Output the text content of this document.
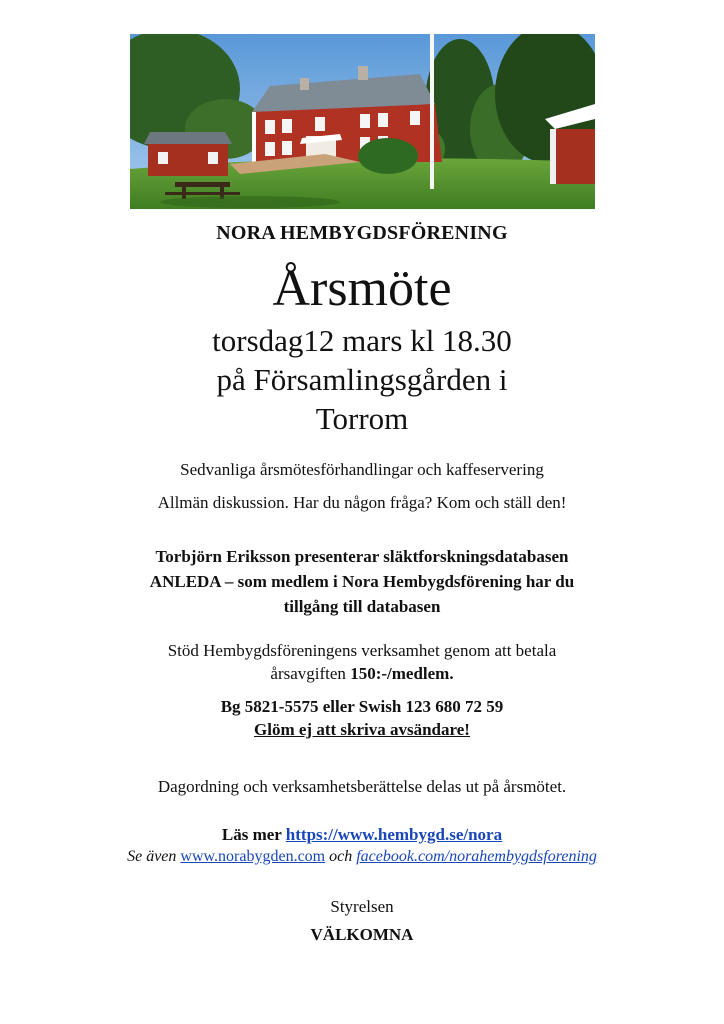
NORA HEMBYGDSFÖRENING
Årsmöte
torsdag12 mars kl 18.30
på Församlingsgården i
Torrom
Sedvanliga årsmötesförhandlingar och kaffeservering
Allmän diskussion. Har du någon fråga? Kom och ställ den!
Torbjörn Eriksson presenterar släktforskningsdatabasen
ANLEDA – som medlem i Nora Hembygdsförening har du
tillgång till databasen
Stöd Hembygdsföreningens verksamhet genom att betala
årsavgiften 150:-/medlem.
Bg 5821-5575 eller Swish 123 680 72 59
Glöm ej att skriva avsändare!
Dagordning och verksamhetsberättelse delas ut på årsmötet.
Läs mer https://www.hembygd.se/nora
Se även www.norabygden.com och facebook.com/norahembygdsforening
Styrelsen
VÄLKOMNA
